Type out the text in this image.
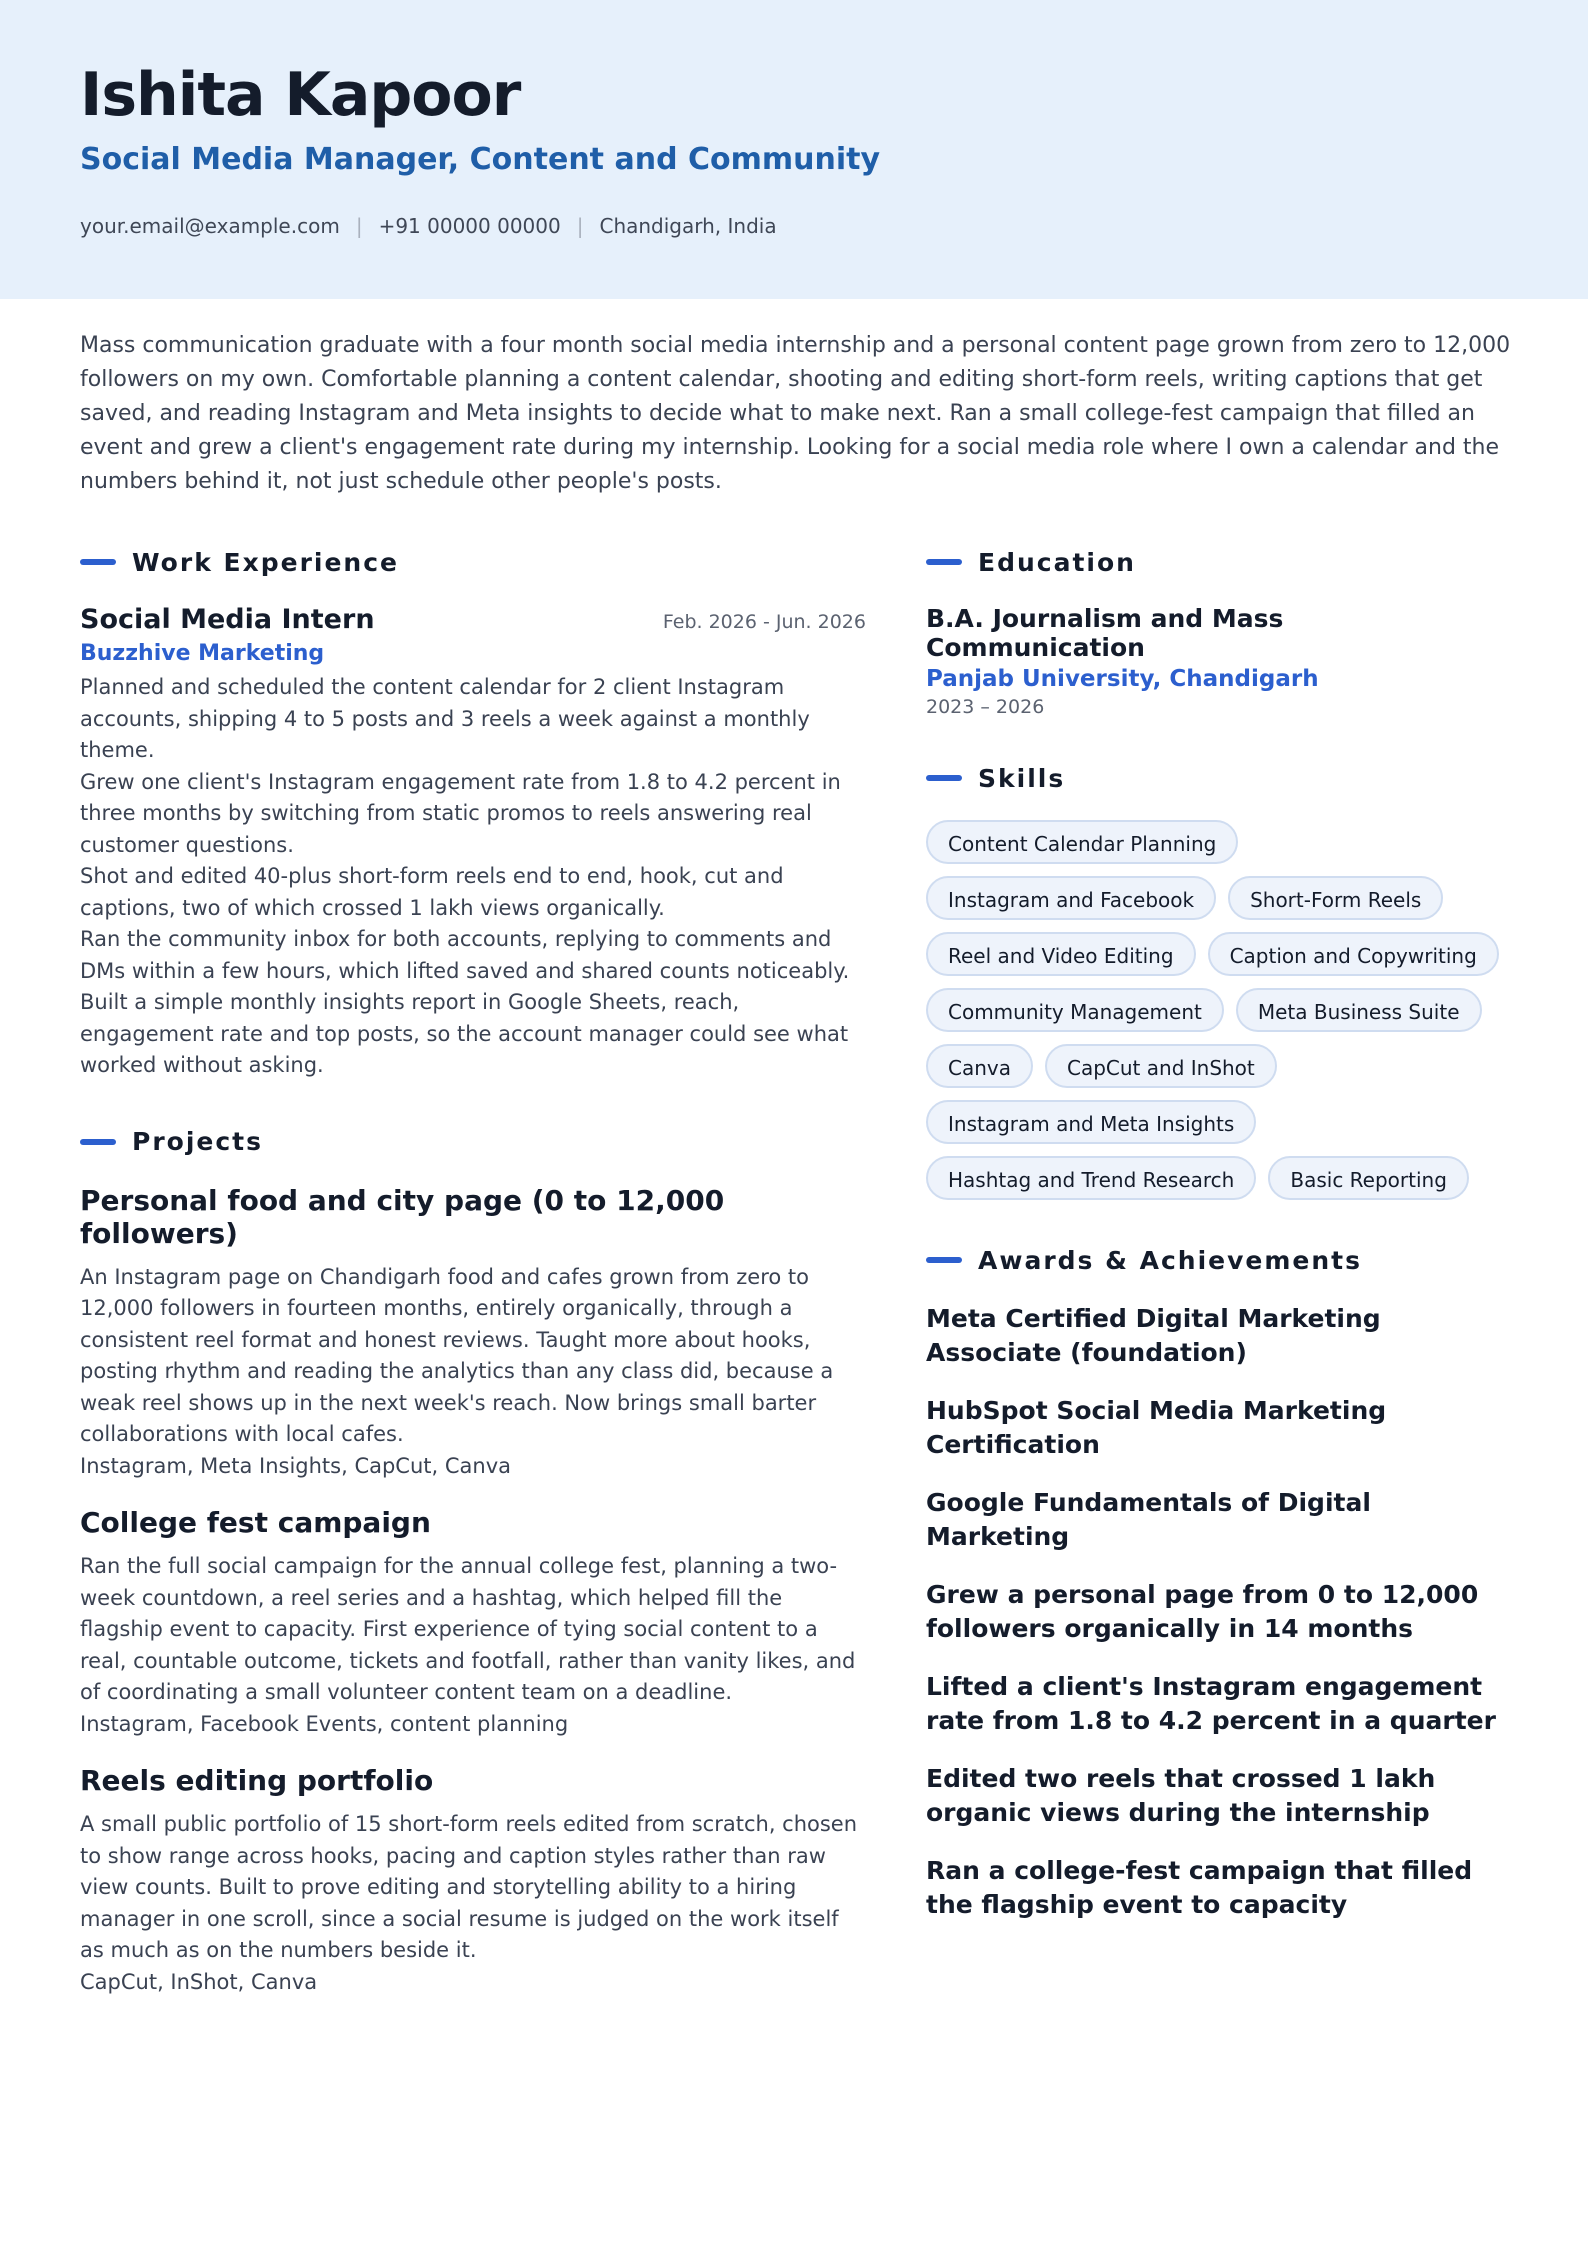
Ishita Kapoor
Social Media Manager, Content and Community
your.email@example.com | +91 00000 00000 | Chandigarh, India

Mass communication graduate with a four month social media internship and a personal content page grown from zero to 12,000 followers on my own. Comfortable planning a content calendar, shooting and editing short-form reels, writing captions that get saved, and reading Instagram and Meta insights to decide what to make next. Ran a small college-fest campaign that filled an event and grew a client's engagement rate during my internship. Looking for a social media role where I own a calendar and the numbers behind it, not just schedule other people's posts.

Work Experience
Social Media Intern	Feb. 2026 - Jun. 2026
Buzzhive Marketing
Planned and scheduled the content calendar for 2 client Instagram accounts, shipping 4 to 5 posts and 3 reels a week against a monthly theme.
Grew one client's Instagram engagement rate from 1.8 to 4.2 percent in three months by switching from static promos to reels answering real customer questions.
Shot and edited 40-plus short-form reels end to end, hook, cut and captions, two of which crossed 1 lakh views organically.
Ran the community inbox for both accounts, replying to comments and DMs within a few hours, which lifted saved and shared counts noticeably.
Built a simple monthly insights report in Google Sheets, reach, engagement rate and top posts, so the account manager could see what worked without asking.
Projects
Personal food and city page (0 to 12,000 followers)
An Instagram page on Chandigarh food and cafes grown from zero to 12,000 followers in fourteen months, entirely organically, through a consistent reel format and honest reviews. Taught more about hooks, posting rhythm and reading the analytics than any class did, because a weak reel shows up in the next week's reach. Now brings small barter collaborations with local cafes.
Instagram, Meta Insights, CapCut, Canva
College fest campaign
Ran the full social campaign for the annual college fest, planning a two-week countdown, a reel series and a hashtag, which helped fill the flagship event to capacity. First experience of tying social content to a real, countable outcome, tickets and footfall, rather than vanity likes, and of coordinating a small volunteer content team on a deadline.
Instagram, Facebook Events, content planning
Reels editing portfolio
A small public portfolio of 15 short-form reels edited from scratch, chosen to show range across hooks, pacing and caption styles rather than raw view counts. Built to prove editing and storytelling ability to a hiring manager in one scroll, since a social resume is judged on the work itself as much as on the numbers beside it.
CapCut, InShot, Canva
Education
B.A. Journalism and Mass Communication
Panjab University, Chandigarh
2023 – 2026
Skills
Content Calendar Planning
Instagram and Facebook	Short-Form Reels
Reel and Video Editing	Caption and Copywriting
Community Management	Meta Business Suite
Canva	CapCut and InShot
Instagram and Meta Insights
Hashtag and Trend Research	Basic Reporting
Awards & Achievements
Meta Certified Digital Marketing Associate (foundation)
HubSpot Social Media Marketing Certification
Google Fundamentals of Digital Marketing
Grew a personal page from 0 to 12,000 followers organically in 14 months
Lifted a client's Instagram engagement rate from 1.8 to 4.2 percent in a quarter
Edited two reels that crossed 1 lakh organic views during the internship
Ran a college-fest campaign that filled the flagship event to capacity
